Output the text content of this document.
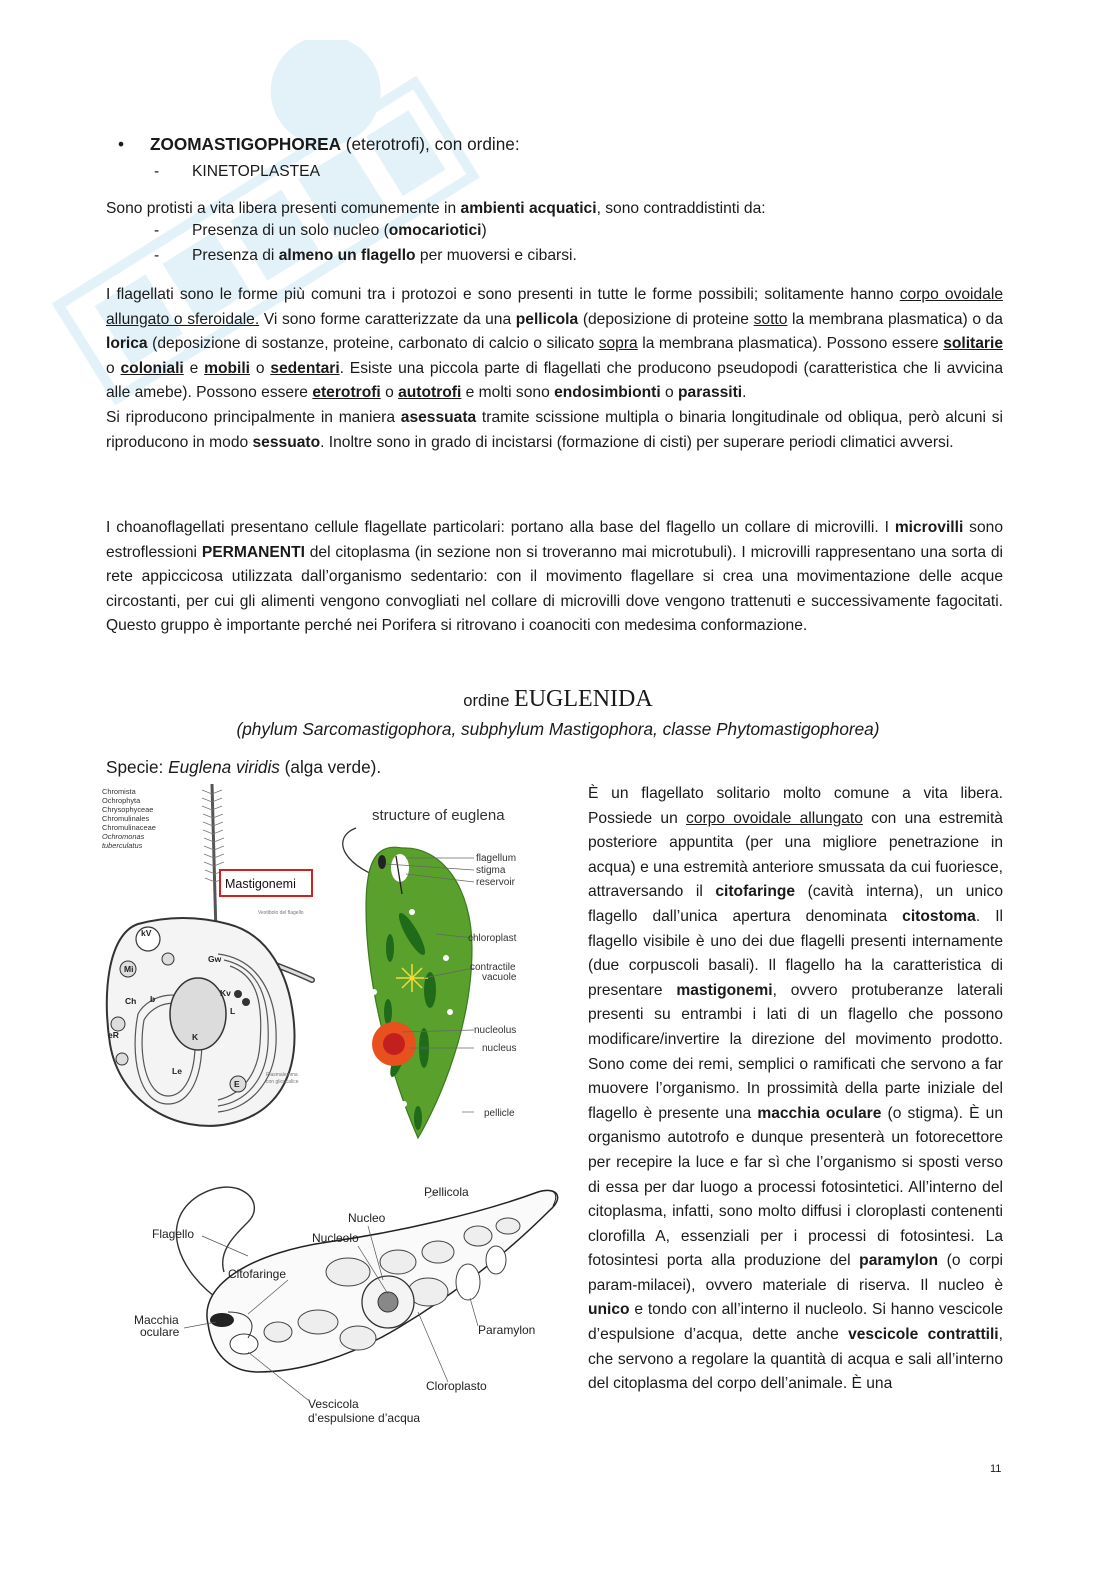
• ZOOMASTIGOPHOREA (eterotrofi), con ordine:
- KINETOPLASTEA
Sono protisti a vita libera presenti comunemente in ambienti acquatici, sono contraddistinti da:
- Presenza di un solo nucleo (omocariotici)
- Presenza di almeno un flagello per muoversi e cibarsi.

I flagellati sono le forme più comuni tra i protozoi e sono presenti in tutte le forme possibili; solitamente hanno corpo ovoidale allungato o sferoidale. Vi sono forme caratterizzate da una pellicola (deposizione di proteine sotto la membrana plasmatica) o da lorica (deposizione di sostanze, proteine, carbonato di calcio o silicato sopra la membrana plasmatica). Possono essere solitarie o coloniali e mobili o sedentari. Esiste una piccola parte di flagellati che producono pseudopodi (caratteristica che li avvicina alle amebe). Possono essere eterotrofi o autotrofi e molti sono endosimbionti o parassiti.
Si riproducono principalmente in maniera asessuata tramite scissione multipla o binaria longitudinale od obliqua, però alcuni si riproducono in modo sessuato. Inoltre sono in grado di incistarsi (formazione di cisti) per superare periodi climatici avversi.

I choanoflagellati presentano cellule flagellate particolari: portano alla base del flagello un collare di microvilli. I microvilli sono estroflessioni PERMANENTI del citoplasma (in sezione non si troveranno mai microtubuli). I microvilli rappresentano una sorta di rete appiccicosa utilizzata dall’organismo sedentario: con il movimento flagellare si crea una movimentazione delle acque circostanti, per cui gli alimenti vengono convogliati nel collare di microvilli dove vengono trattenuti e successivamente fagocitati. Questo gruppo è importante perché nei Porifera si ritrovano i coanociti con medesima conformazione.

ordine EUGLENIDA
(phylum Sarcomastigophora, subphylum Mastigophora, classe Phytomastigophorea)
Specie: Euglena viridis (alga verde).
Chromista
Ochrophyta
Chrysophyceae
Chromulinales
Chromulinaceae
Ochromonas
tuberculatus
Mastigonemi
Vestibolo del flagello
kV
Gw
Mi
Ch b
K
Kv
L
Le
E
eR
Plasmalemma
con glicocalice
structure of euglena
flagellum
stigma
reservoir
chloroplast
contractile
vacuole
nucleolus
nucleus
pellicle
Pellicola
Nucleo
Flagello	Nucleolo
Citofaringe
Macchia
oculare	Paramylon
Cloroplasto
Vescicola
d’espulsione d’acqua

È un flagellato solitario molto comune a vita libera. Possiede un corpo ovoidale allungato con una estremità posteriore appuntita (per una migliore penetrazione in acqua) e una estremità anteriore smussata da cui fuoriesce, attraversando il citofaringe (cavità interna), un unico flagello dall’unica apertura denominata citostoma. Il flagello visibile è uno dei due flagelli presenti internamente (due corpuscoli basali). Il flagello ha la caratteristica di presentare mastigonemi, ovvero protuberanze laterali presenti su entrambi i lati di un flagello che possono modificare/invertire la direzione del movimento prodotto. Sono come dei remi, semplici o ramificati che servono a far muovere l’organismo. In prossimità della parte iniziale del flagello è presente una macchia oculare (o stigma). È un organismo autotrofo e dunque presenterà un fotorecettore per recepire la luce e far sì che l’organismo si sposti verso di essa per dar luogo a processi fotosintetici. All’interno del citoplasma, infatti, sono molto diffusi i cloroplasti contenenti clorofilla A, essenziali per i processi di fotosintesi. La fotosintesi porta alla produzione del paramylon (o corpi param-milacei), ovvero materiale di riserva. Il nucleo è unico e tondo con all’interno il nucleolo. Si hanno vescicole d’espulsione d’acqua, dette anche vescicole contrattili, che servono a regolare la quantità di acqua e sali all’interno del citoplasma del corpo dell’animale. È una

11
